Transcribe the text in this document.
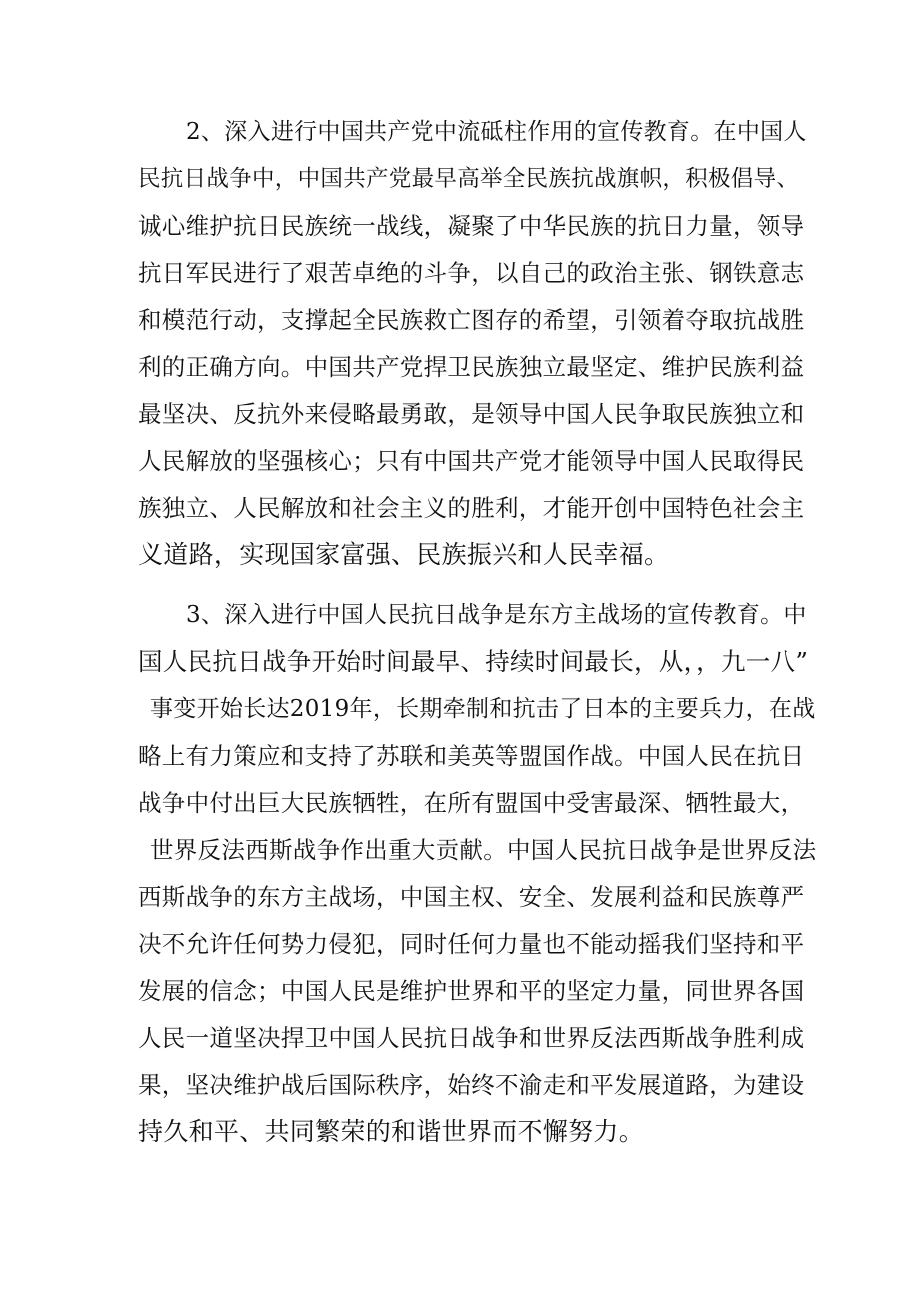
2、深入进行中国共产党中流砥柱作用的宣传教育。在中国人
民抗日战争中，中国共产党最早高举全民族抗战旗帜，积极倡导、
诚心维护抗日民族统一战线，凝聚了中华民族的抗日力量，领导
抗日军民进行了艰苦卓绝的斗争，以自己的政治主张、钢铁意志
和模范行动，支撑起全民族救亡图存的希望，引领着夺取抗战胜
利的正确方向。中国共产党捍卫民族独立最坚定、维护民族利益
最坚决、反抗外来侵略最勇敢，是领导中国人民争取民族独立和
人民解放的坚强核心；只有中国共产党才能领导中国人民取得民
族独立、人民解放和社会主义的胜利，才能开创中国特色社会主
义道路，实现国家富强、民族振兴和人民幸福。
3、深入进行中国人民抗日战争是东方主战场的宣传教育。中
国人民抗日战争开始时间最早、持续时间最长，从，，九一八”
事变开始长达2019年，长期牵制和抗击了日本的主要兵力，在战
略上有力策应和支持了苏联和美英等盟国作战。中国人民在抗日
战争中付出巨大民族牺牲，在所有盟国中受害最深、牺牲最大，
世界反法西斯战争作出重大贡献。中国人民抗日战争是世界反法
西斯战争的东方主战场，中国主权、安全、发展利益和民族尊严
决不允许任何势力侵犯，同时任何力量也不能动摇我们坚持和平
发展的信念；中国人民是维护世界和平的坚定力量，同世界各国
人民一道坚决捍卫中国人民抗日战争和世界反法西斯战争胜利成
果，坚决维护战后国际秩序，始终不渝走和平发展道路，为建设
持久和平、共同繁荣的和谐世界而不懈努力。
